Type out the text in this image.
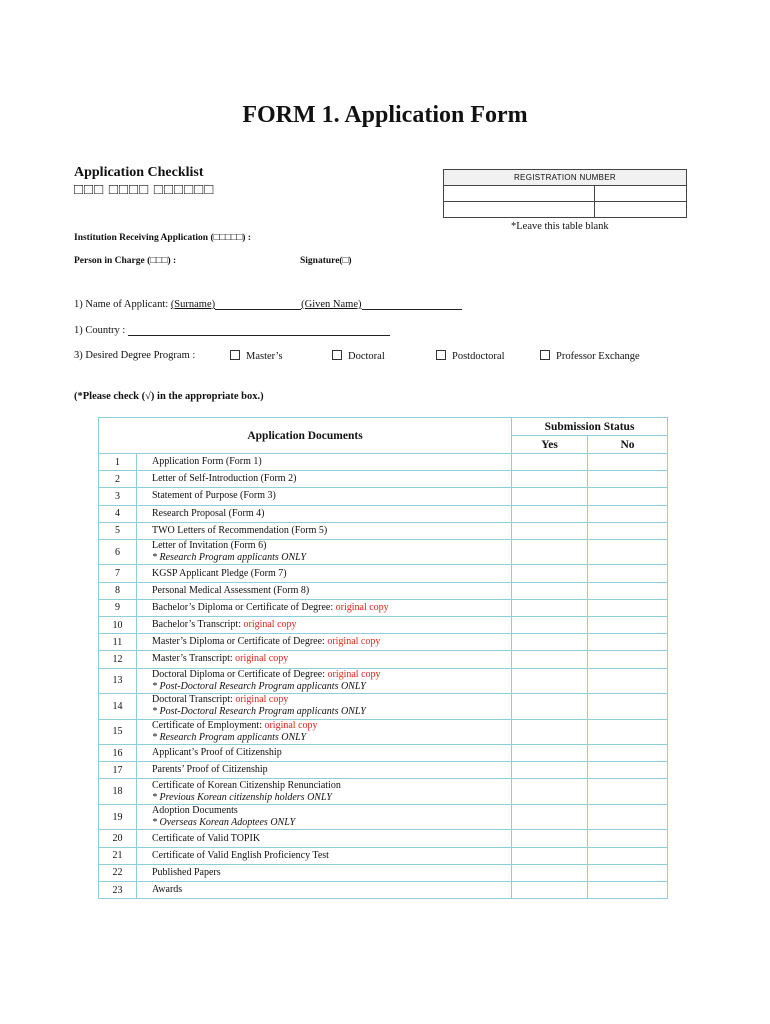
FORM 1. Application Form
Application Checklist
□□□ □□□□ □□□□□□
REGISTRATION NUMBER	

*Leave this table blank
Institution Receiving Application (□□□□□) :
Person in Charge (□□□) :	Signature(□)
1) Name of Applicant: (Surname)	(Given Name)
1) Country :
3) Desired Degree Program :	Master’s	Doctoral	Postdoctoral	Professor Exchange
(*Please check (√) in the appropriate box.)
Application Documents		Submission Status	
		Yes	No
1	Application Form (Form 1)		
2	Letter of Self-Introduction (Form 2)		
3	Statement of Purpose (Form 3)		
4	Research Proposal (Form 4)		
5	TWO Letters of Recommendation (Form 5)		
6	Letter of Invitation (Form 6)
* Research Program applicants ONLY		
7	KGSP Applicant Pledge (Form 7)		
8	Personal Medical Assessment (Form 8)		
9	Bachelor’s Diploma or Certificate of Degree: original copy		
10	Bachelor’s Transcript: original copy		
11	Master’s Diploma or Certificate of Degree: original copy		
12	Master’s Transcript: original copy		
13	Doctoral Diploma or Certificate of Degree: original copy
* Post-Doctoral Research Program applicants ONLY		
14	Doctoral Transcript: original copy
* Post-Doctoral Research Program applicants ONLY		
15	Certificate of Employment: original copy
* Research Program applicants ONLY		
16	Applicant’s Proof of Citizenship		
17	Parents’ Proof of Citizenship		
18	Certificate of Korean Citizenship Renunciation
* Previous Korean citizenship holders ONLY		
19	Adoption Documents
* Overseas Korean Adoptees ONLY		
20	Certificate of Valid TOPIK		
21	Certificate of Valid English Proficiency Test		
22	Published Papers		
23	Awards		
